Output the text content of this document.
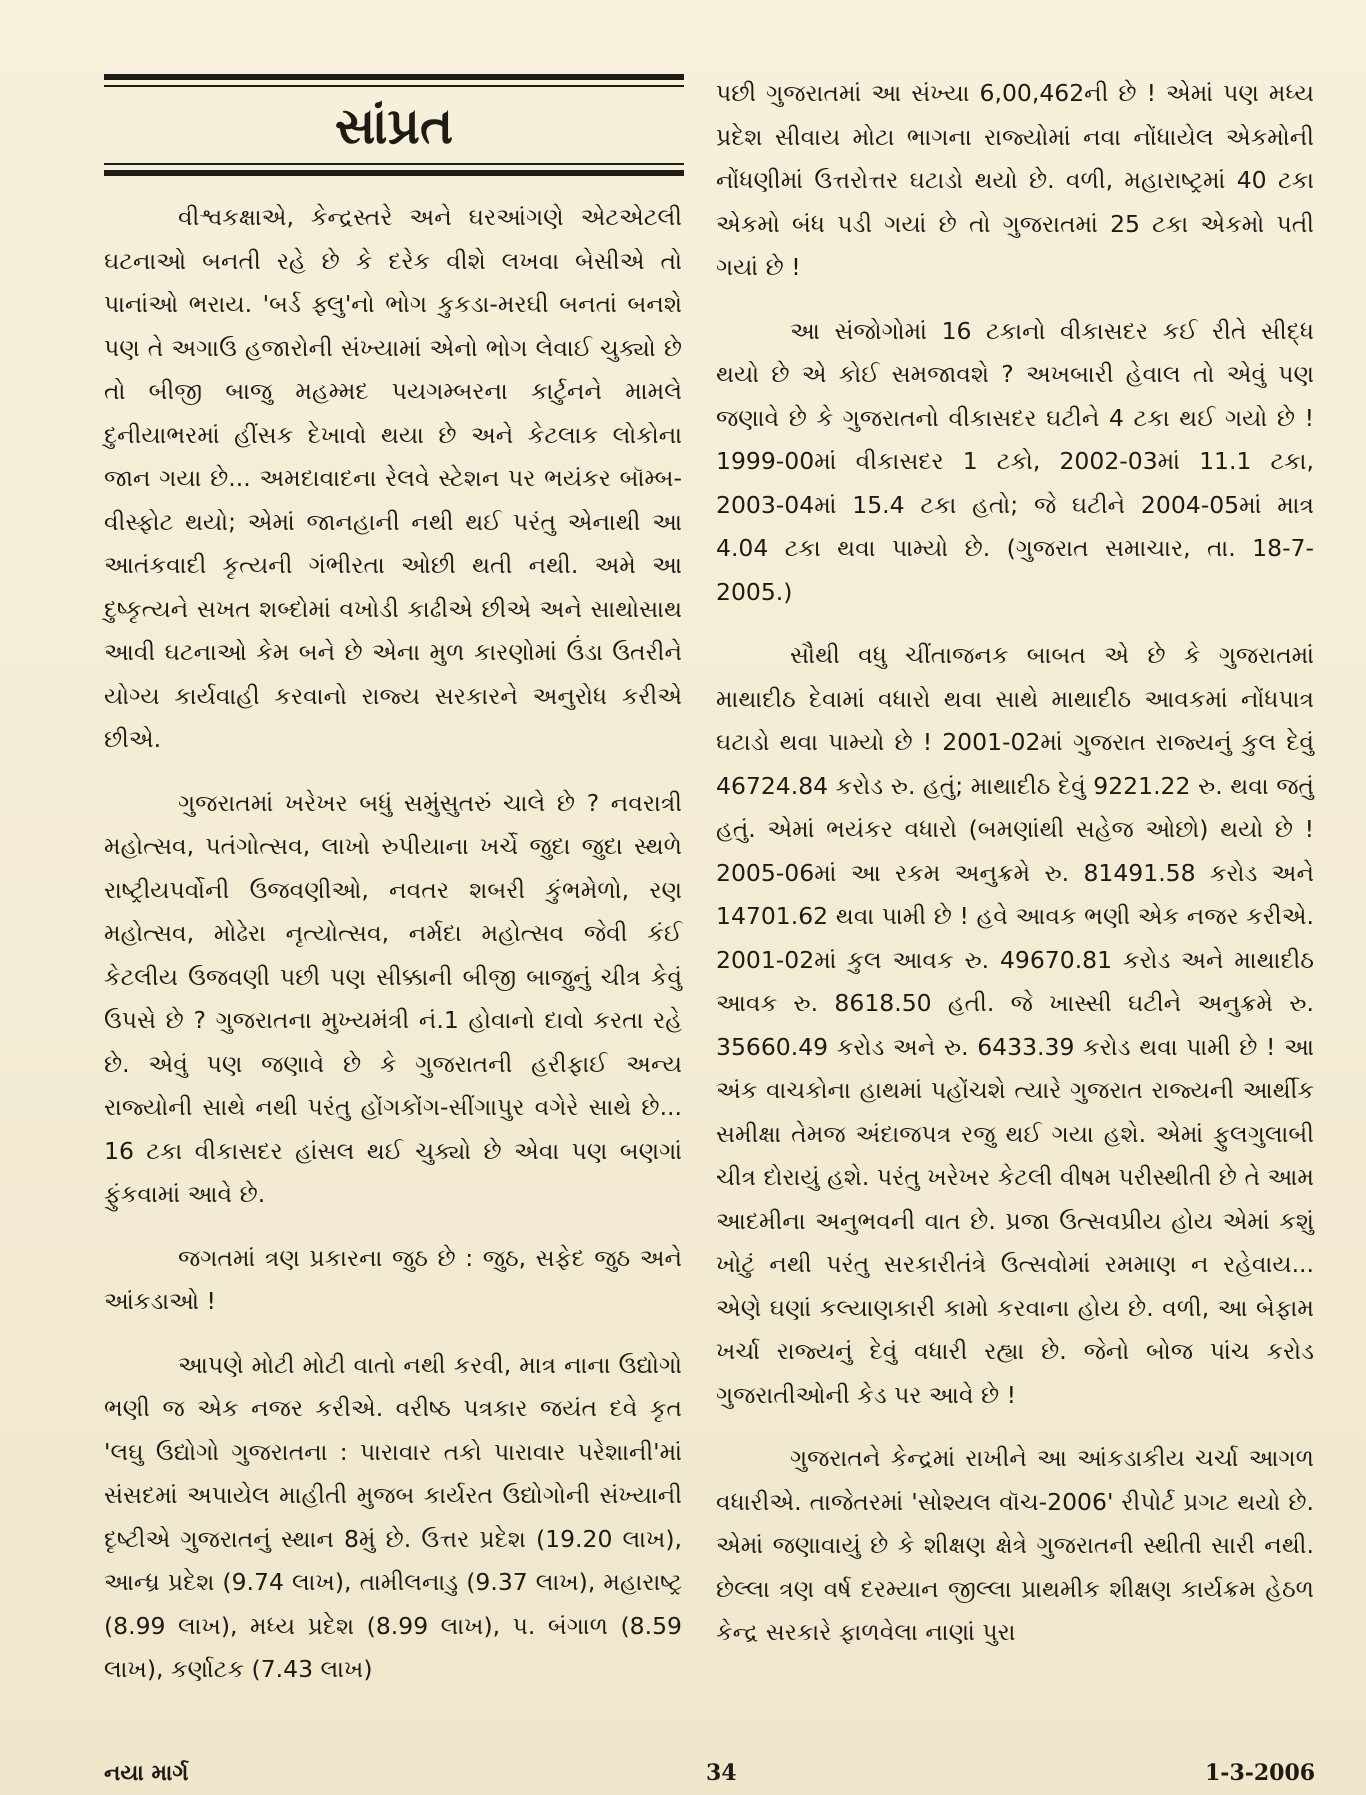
સાંપ્રત

વીશ્વકક્ષાએ, કેન્દ્રસ્તરે અને ઘરઆંગણે એટએટલી ઘટનાઓ બનતી રહે છે કે દરેક વીશે લખવા બેસીએ તો પાનાંઓ ભરાય. 'બર્ડ ફ્લુ'નો ભોગ કુકડા-મરઘી બનતાં બનશે પણ તે અગાઉ હજારોની સંખ્યામાં એનો ભોગ લેવાઈ ચુક્યો છે તો બીજી બાજુ મહમ્મદ પયગમ્બરના કાર્ટુનને મામલે દુનીયાભરમાં હીંસક દેખાવો થયા છે અને કેટલાક લોકોના જાન ગયા છે... અમદાવાદના રેલવે સ્ટેશન પર ભયંકર બૉમ્બ-વીસ્ફોટ થયો; એમાં જાનહાની નથી થઈ પરંતુ એનાથી આ આતંકવાદી કૃત્યની ગંભીરતા ઓછી થતી નથી. અમે આ દુષ્કૃત્યને સખત શબ્દોમાં વખોડી કાઢીએ છીએ અને સાથોસાથ આવી ઘટનાઓ કેમ બને છે એના મુળ કારણોમાં ઉંડા ઉતરીને યોગ્ય કાર્યવાહી કરવાનો રાજ્ય સરકારને અનુરોધ કરીએ છીએ.

ગુજરાતમાં ખરેખર બધું સમુંસુતરું ચાલે છે ? નવરાત્રી મહોત્સવ, પતંગોત્સવ, લાખો રુપીયાના ખર્ચે જુદા જુદા સ્થળે રાષ્ટ્રીયપર્વોની ઉજવણીઓ, નવતર શબરી કુંભમેળો, રણ મહોત્સવ, મોઢેરા નૃત્યોત્સવ, નર્મદા મહોત્સવ જેવી કંઈ કેટલીય ઉજવણી પછી પણ સીક્કાની બીજી બાજુનું ચીત્ર કેવું ઉપસે છે ? ગુજરાતના મુખ્યમંત્રી નં.1 હોવાનો દાવો કરતા રહે છે. એવું પણ જણાવે છે કે ગુજરાતની હરીફાઈ અન્ય રાજ્યોની સાથે નથી પરંતુ હોંગકોંગ-સીંગાપુર વગેરે સાથે છે... 16 ટકા વીકાસદર હાંસલ થઈ ચુક્યો છે એવા પણ બણગાં ફુંકવામાં આવે છે.

જગતમાં ત્રણ પ્રકારના જુઠ છે : જુઠ, સફેદ જુઠ અને આંકડાઓ !

આપણે મોટી મોટી વાતો નથી કરવી, માત્ર નાના ઉદ્યોગો ભણી જ એક નજર કરીએ. વરીષ્ઠ પત્રકાર જયંત દવે કૃત 'લઘુ ઉદ્યોગો ગુજરાતના : પારાવાર તકો પારાવાર પરેશાની'માં સંસદમાં અપાયેલ માહીતી મુજબ કાર્યરત ઉદ્યોગોની સંખ્યાની દૃષ્ટીએ ગુજરાતનું સ્થાન 8મું છે. ઉત્તર પ્રદેશ (19.20 લાખ), આન્ધ્ર પ્રદેશ (9.74 લાખ), તામીલનાડુ (9.37 લાખ), મહારાષ્ટ્ર (8.99 લાખ), મધ્ય પ્રદેશ (8.99 લાખ), પ. બંગાળ (8.59 લાખ), કર્ણાટક (7.43 લાખ)

પછી ગુજરાતમાં આ સંખ્યા 6,00,462ની છે ! એમાં પણ મધ્ય પ્રદેશ સીવાય મોટા ભાગના રાજ્યોમાં નવા નોંધાયેલ એકમોની નોંધણીમાં ઉત્તરોત્તર ઘટાડો થયો છે. વળી, મહારાષ્ટ્રમાં 40 ટકા એકમો બંધ પડી ગયાં છે તો ગુજરાતમાં 25 ટકા એકમો પતી ગયાં છે !

આ સંજોગોમાં 16 ટકાનો વીકાસદર કઈ રીતે સીદ્ધ થયો છે એ કોઈ સમજાવશે ? અખબારી હેવાલ તો એવું પણ જણાવે છે કે ગુજરાતનો વીકાસદર ઘટીને 4 ટકા થઈ ગયો છે ! 1999-00માં વીકાસદર 1 ટકો, 2002-03માં 11.1 ટકા, 2003-04માં 15.4 ટકા હતો; જે ઘટીને 2004-05માં માત્ર 4.04 ટકા થવા પામ્યો છે. (ગુજરાત સમાચાર, તા. 18-7- 2005.)

સૌથી વધુ ચીંતાજનક બાબત એ છે કે ગુજરાતમાં માથાદીઠ દેવામાં વધારો થવા સાથે માથાદીઠ આવકમાં નોંધપાત્ર ઘટાડો થવા પામ્યો છે ! 2001-02માં ગુજરાત રાજ્યનું કુલ દેવું 46724.84 કરોડ રુ. હતું; માથાદીઠ દેવું 9221.22 રુ. થવા જતું હતું. એમાં ભયંકર વધારો (બમણાંથી સહેજ ઓછો) થયો છે ! 2005-06માં આ રકમ અનુક્રમે રુ. 81491.58 કરોડ અને 14701.62 થવા પામી છે ! હવે આવક ભણી એક નજર કરીએ. 2001-02માં કુલ આવક રુ. 49670.81 કરોડ અને માથાદીઠ આવક રુ. 8618.50 હતી. જે ખાસ્સી ઘટીને અનુક્રમે રુ. 35660.49 કરોડ અને રુ. 6433.39 કરોડ થવા પામી છે ! આ અંક વાચકોના હાથમાં પહોંચશે ત્યારે ગુજરાત રાજ્યની આર્થીક સમીક્ષા તેમજ અંદાજપત્ર રજુ થઈ ગયા હશે. એમાં ફુલગુલાબી ચીત્ર દોરાયું હશે. પરંતુ ખરેખર કેટલી વીષમ પરીસ્થીતી છે તે આમ આદમીના અનુભવની વાત છે. પ્રજા ઉત્સવપ્રીય હોય એમાં કશું ખોટું નથી પરંતુ સરકારીતંત્રે ઉત્સવોમાં રમમાણ ન રહેવાય... એણે ઘણાં કલ્યાણકારી કામો કરવાના હોય છે. વળી, આ બેફામ ખર્ચા રાજ્યનું દેવું વધારી રહ્યા છે. જેનો બોજ પાંચ કરોડ ગુજરાતીઓની કેડ પર આવે છે !

ગુજરાતને કેન્દ્રમાં રાખીને આ આંકડાકીય ચર્ચા આગળ વધારીએ. તાજેતરમાં 'સોશ્યલ વૉચ-2006' રીપોર્ટ પ્રગટ થયો છે. એમાં જણાવાયું છે કે શીક્ષણ ક્ષેત્રે ગુજરાતની સ્થીતી સારી નથી. છેલ્લા ત્રણ વર્ષ દરમ્યાન જીલ્લા પ્રાથમીક શીક્ષણ કાર્યક્રમ હેઠળ કેન્દ્ર સરકારે ફાળવેલા નાણાં પુરા

નયા માર્ગ	34	1-3-2006
